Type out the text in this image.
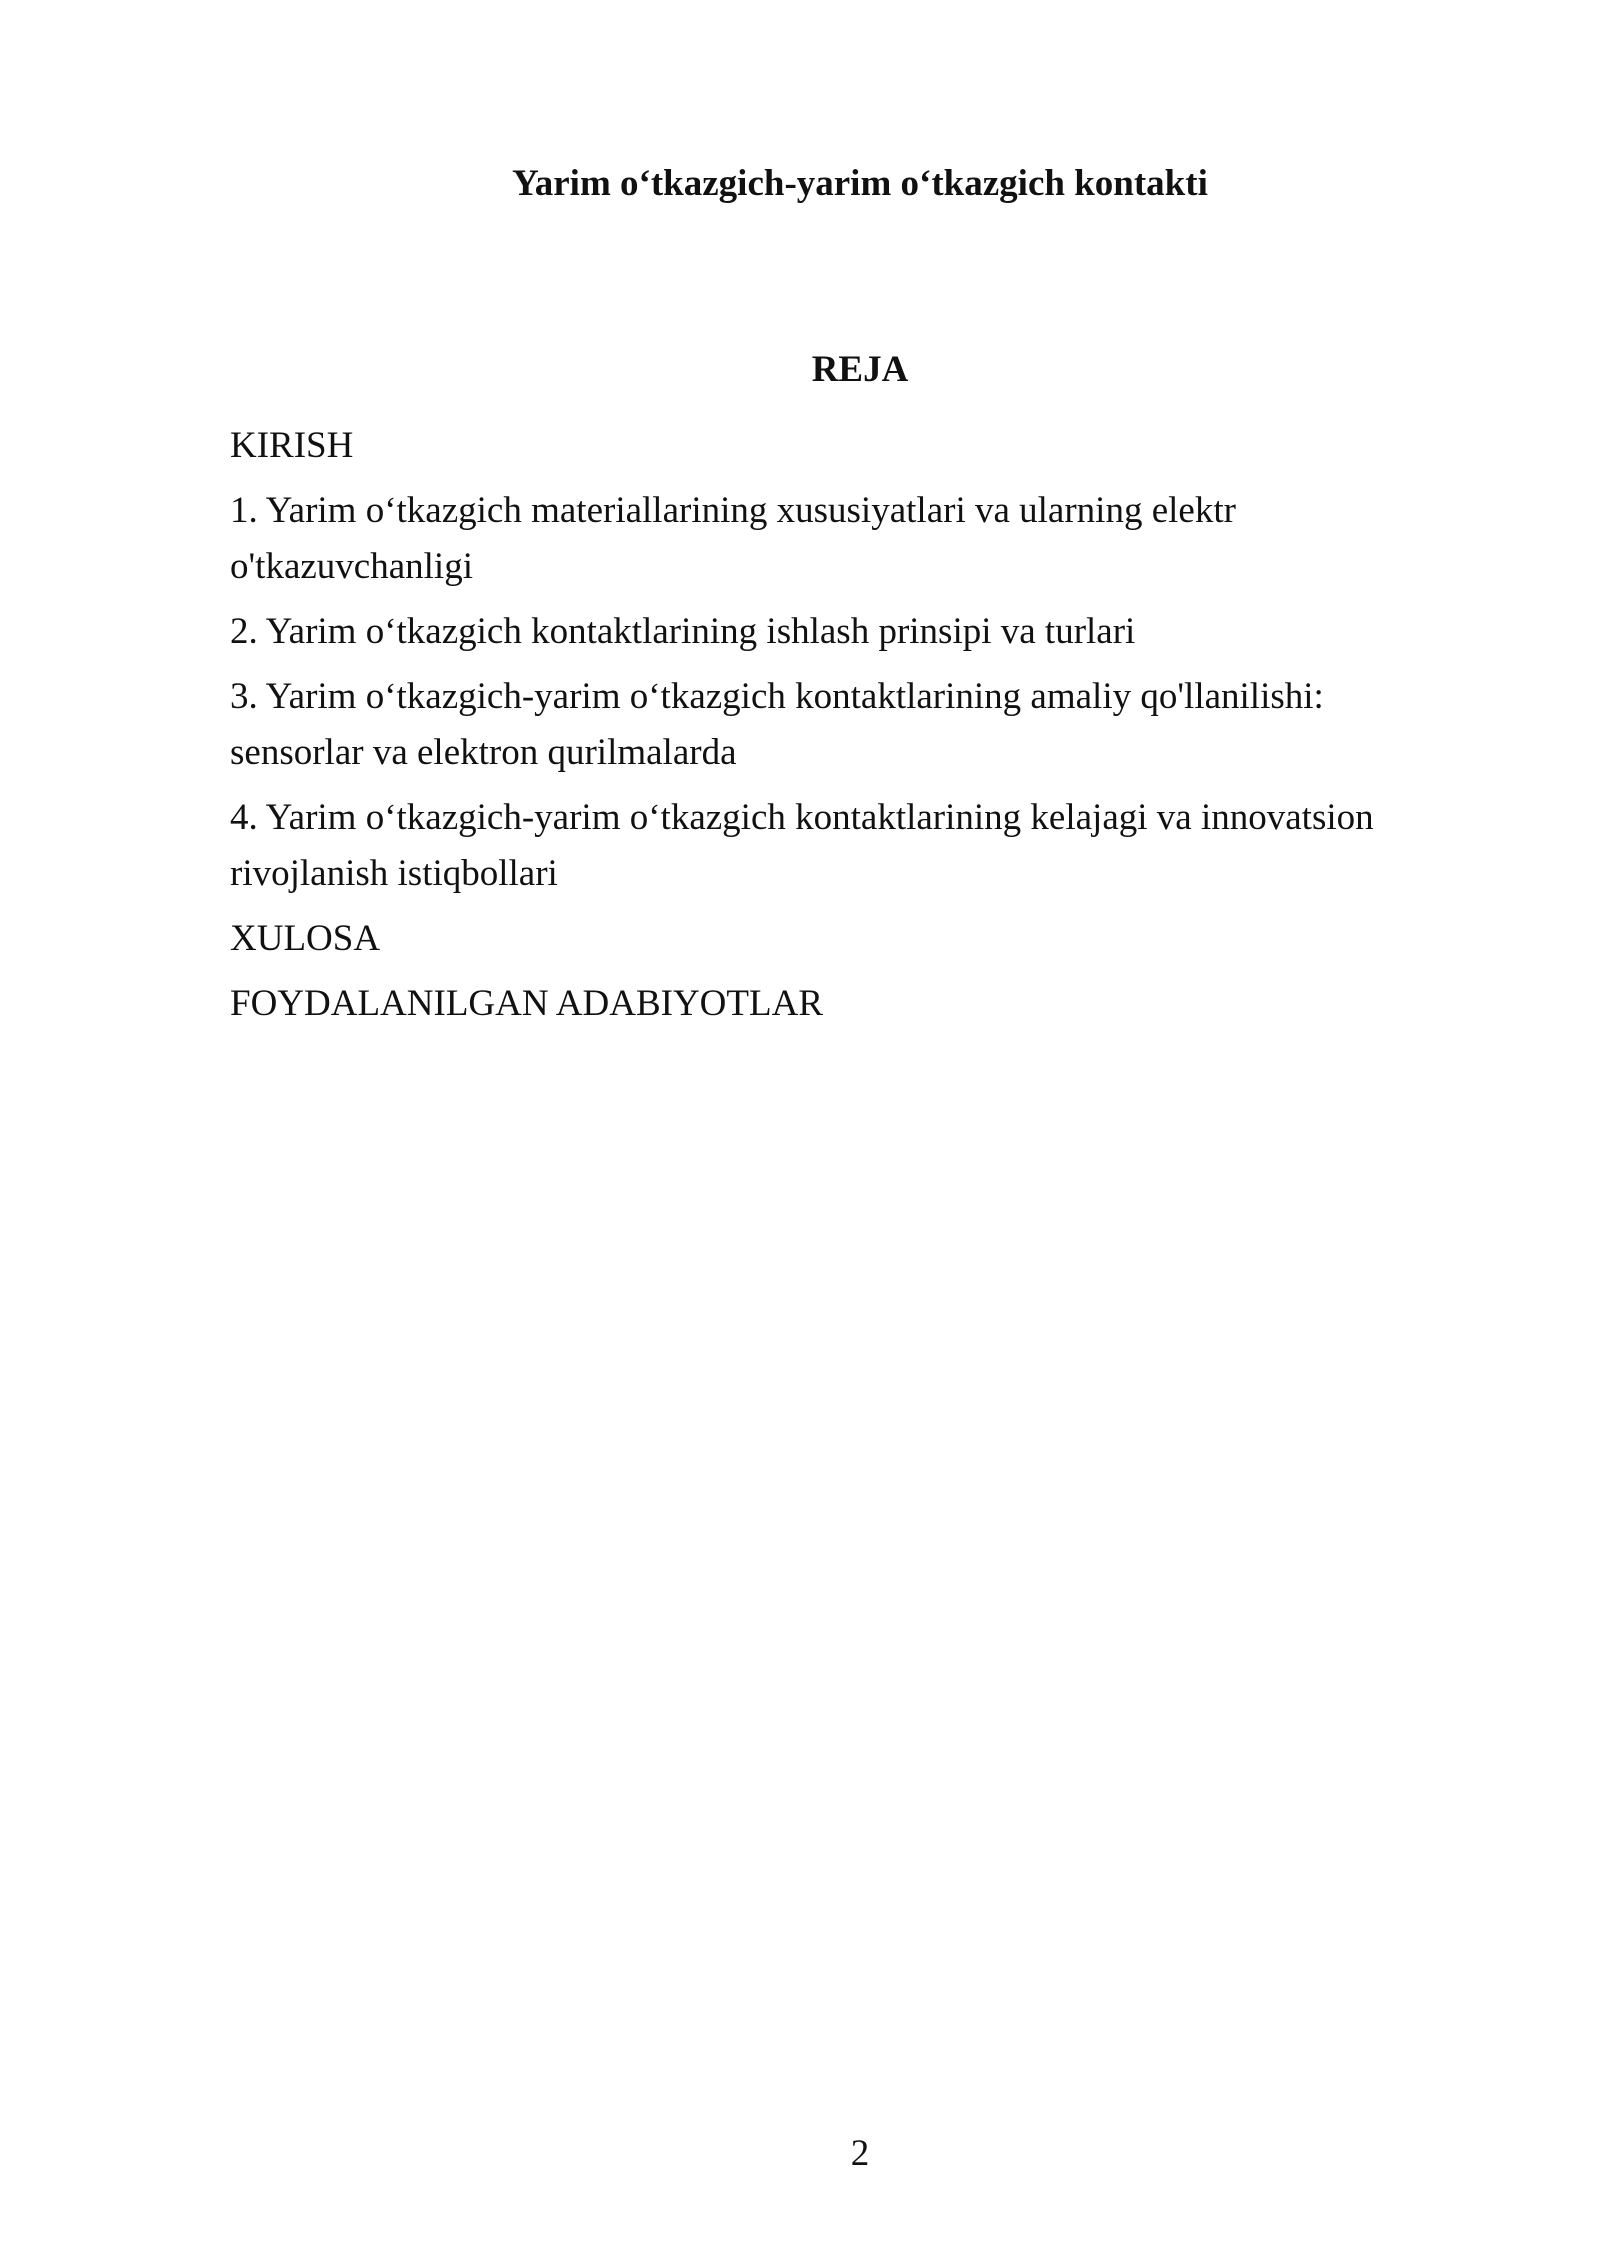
Yarim o‘tkazgich-yarim o‘tkazgich kontakti
REJA
KIRISH
1. Yarim o‘tkazgich materiallarining xususiyatlari va ularning elektr o'tkazuvchanligi
2. Yarim o‘tkazgich kontaktlarining ishlash prinsipi va turlari
3. Yarim o‘tkazgich-yarim o‘tkazgich kontaktlarining amaliy qo'llanilishi: sensorlar va elektron qurilmalarda
4. Yarim o‘tkazgich-yarim o‘tkazgich kontaktlarining kelajagi va innovatsion rivojlanish istiqbollari
XULOSA
FOYDALANILGAN ADABIYOTLAR
2
